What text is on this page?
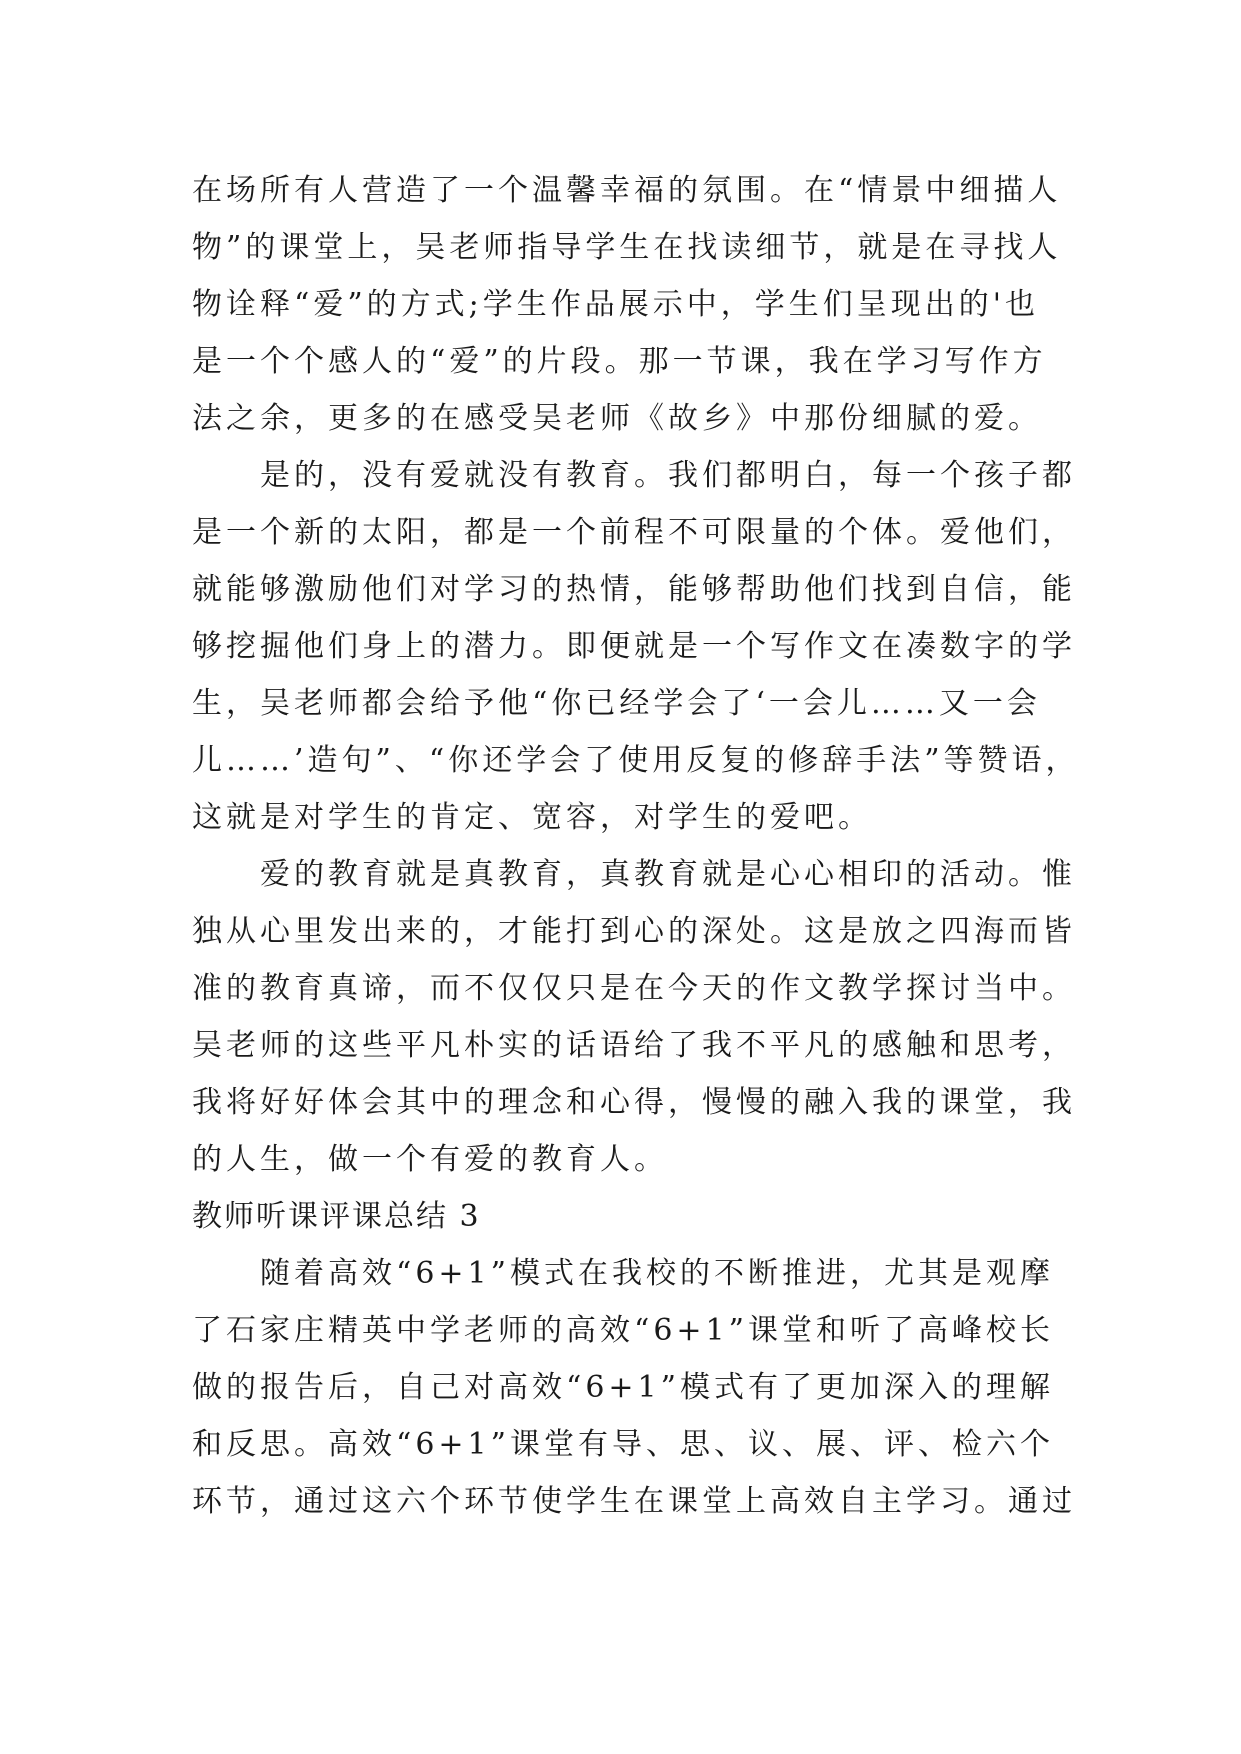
在场所有人营造了一个温馨幸福的氛围。在“情景中细描人
物”的课堂上，吴老师指导学生在找读细节，就是在寻找人
物诠释“爱”的方式;学生作品展示中，学生们呈现出的'也
是一个个感人的“爱”的片段。那一节课，我在学习写作方
法之余，更多的在感受吴老师《故乡》中那份细腻的爱。
是的，没有爱就没有教育。我们都明白，每一个孩子都
是一个新的太阳，都是一个前程不可限量的个体。爱他们，
就能够激励他们对学习的热情，能够帮助他们找到自信，能
够挖掘他们身上的潜力。即便就是一个写作文在凑数字的学
生，吴老师都会给予他“你已经学会了‘一会儿……又一会
儿……’造句”、“你还学会了使用反复的修辞手法”等赞语，
这就是对学生的肯定、宽容，对学生的爱吧。
爱的教育就是真教育，真教育就是心心相印的活动。惟
独从心里发出来的，才能打到心的深处。这是放之四海而皆
准的教育真谛，而不仅仅只是在今天的作文教学探讨当中。
吴老师的这些平凡朴实的话语给了我不平凡的感触和思考，
我将好好体会其中的理念和心得，慢慢的融入我的课堂，我
的人生，做一个有爱的教育人。
教师听课评课总结 3
随着高效“6+1”模式在我校的不断推进，尤其是观摩
了石家庄精英中学老师的高效“6+1”课堂和听了高峰校长
做的报告后，自己对高效“6+1”模式有了更加深入的理解
和反思。高效“6+1”课堂有导、思、议、展、评、检六个
环节，通过这六个环节使学生在课堂上高效自主学习。通过
